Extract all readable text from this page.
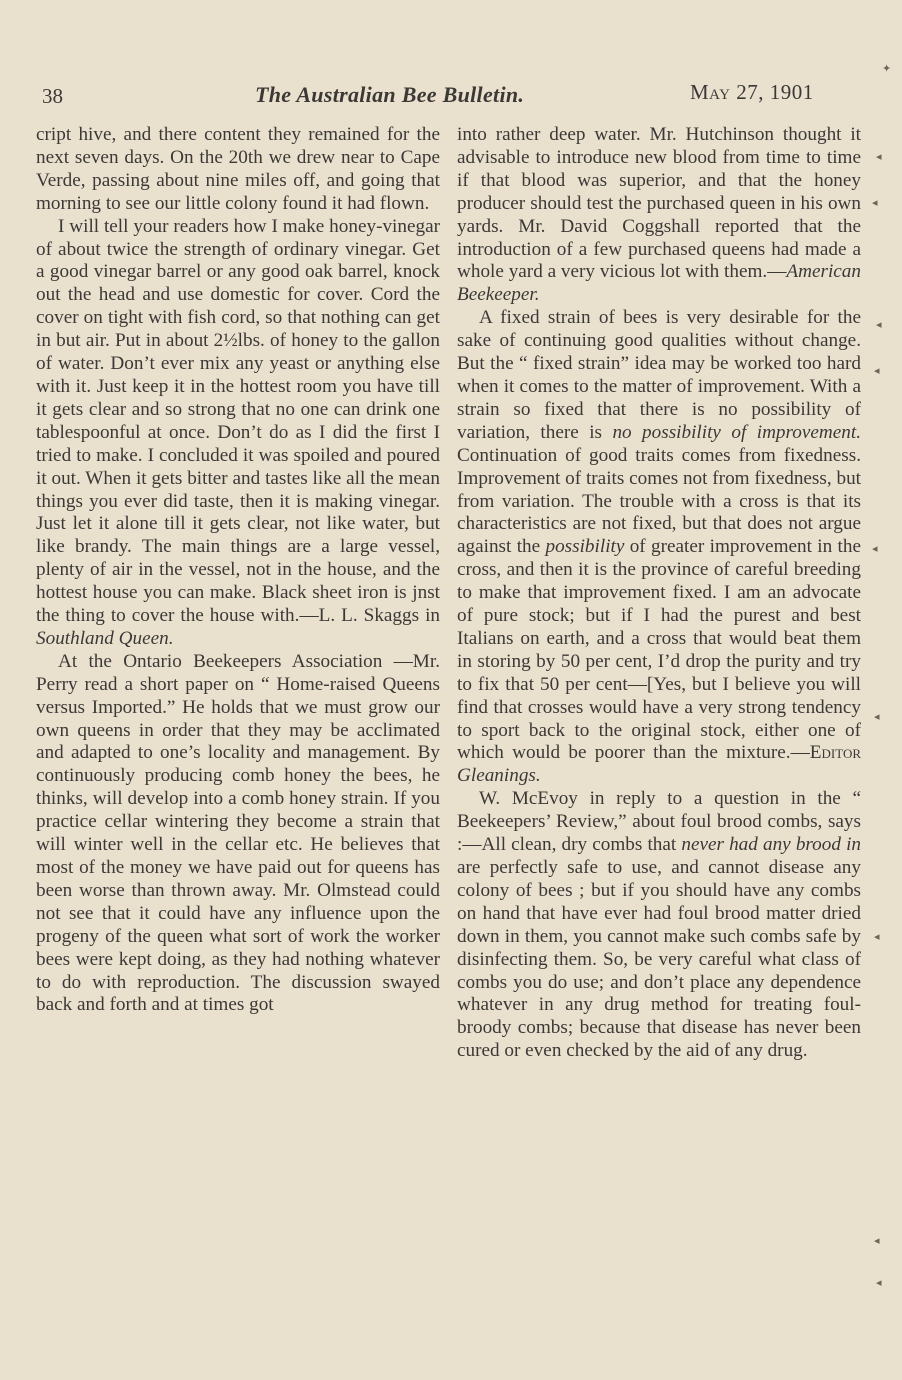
38	The Australian Bee Bulletin.	May 27, 1901

cript hive, and there content they remained for the next seven days. On the 20th we drew near to Cape Verde, passing about nine miles off, and going that morning to see our little colony found it had flown.

I will tell your readers how I make honey-vinegar of about twice the strength of ordinary vinegar. Get a good vinegar barrel or any good oak barrel, knock out the head and use domestic for cover. Cord the cover on tight with fish cord, so that nothing can get in but air. Put in about 2½lbs. of honey to the gallon of water. Don’t ever mix any yeast or anything else with it. Just keep it in the hottest room you have till it gets clear and so strong that no one can drink one tablespoonful at once. Don’t do as I did the first I tried to make. I concluded it was spoiled and poured it out. When it gets bitter and tastes like all the mean things you ever did taste, then it is making vinegar. Just let it alone till it gets clear, not like water, but like brandy. The main things are a large vessel, plenty of air in the vessel, not in the house, and the hottest house you can make. Black sheet iron is jnst the thing to cover the house with.—L. L. Skaggs in Southland Queen.

At the Ontario Beekeepers Association —Mr. Perry read a short paper on “ Home-raised Queens versus Imported.” He holds that we must grow our own queens in order that they may be acclimated and adapted to one’s locality and management. By continuously producing comb honey the bees, he thinks, will develop into a comb honey strain. If you practice cellar wintering they become a strain that will winter well in the cellar etc. He believes that most of the money we have paid out for queens has been worse than thrown away. Mr. Olmstead could not see that it could have any influence upon the progeny of the queen what sort of work the worker bees were kept doing, as they had nothing whatever to do with reproduction. The discussion swayed back and forth and at times got

into rather deep water. Mr. Hutchinson thought it advisable to introduce new blood from time to time if that blood was superior, and that the honey producer should test the purchased queen in his own yards. Mr. David Coggshall reported that the introduction of a few purchased queens had made a whole yard a very vicious lot with them.—American Beekeeper.

A fixed strain of bees is very desirable for the sake of continuing good qualities without change. But the “ fixed strain” idea may be worked too hard when it comes to the matter of improvement. With a strain so fixed that there is no possibility of variation, there is no possibility of improvement. Continuation of good traits comes from fixedness. Improvement of traits comes not from fixedness, but from variation. The trouble with a cross is that its characteristics are not fixed, but that does not argue against the possibility of greater improvement in the cross, and then it is the province of careful breeding to make that improvement fixed. I am an advocate of pure stock; but if I had the purest and best Italians on earth, and a cross that would beat them in storing by 50 per cent, I’d drop the purity and try to fix that 50 per cent—[Yes, but I believe you will find that crosses would have a very strong tendency to sport back to the original stock, either one of which would be poorer than the mixture.—Editor Gleanings.

W. McEvoy in reply to a question in the “ Beekeepers’ Review,” about foul brood combs, says :—All clean, dry combs that never had any brood in are perfectly safe to use, and cannot disease any colony of bees ; but if you should have any combs on hand that have ever had foul brood matter dried down in them, you cannot make such combs safe by disinfecting them. So, be very careful what class of combs you do use; and don’t place any dependence whatever in any drug method for treating foul-broody combs; because that disease has never been cured or even checked by the aid of any drug.

✦
◂
◂
◂
◂
◂
◂
◂
◂
◂
